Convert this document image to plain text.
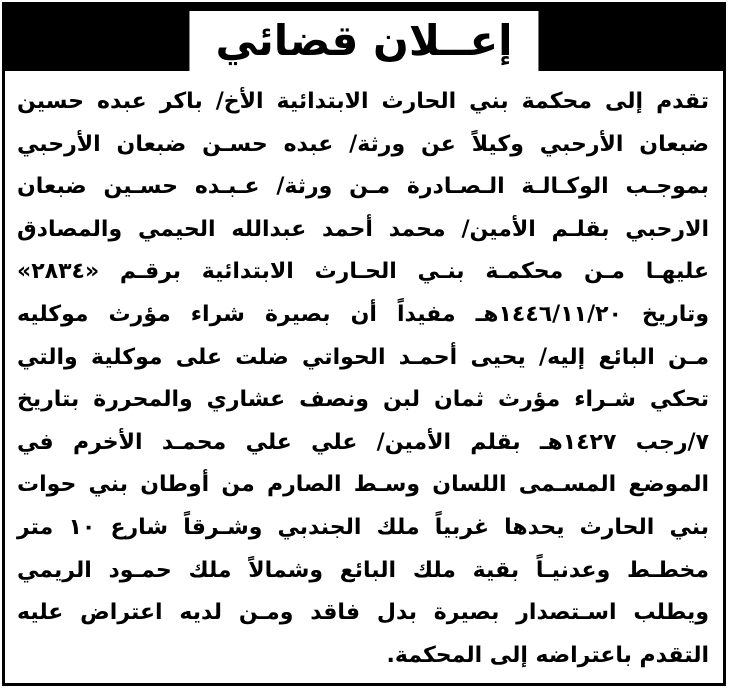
إعــلان قضائي
تقدم إلى محكمة بني الحارث الابتدائية الأخ/ باكر عبده حسين
ضبعان الأرحبي وكيلاً عن ورثة/ عبده حسـن ضبعان الأرحبي
بموجـب الوكـالـة الـصـادرة مـن ورثة/ عـبـده حسـين ضبعان
الارحبي بقلـم الأمين/ محمد أحمد عبدالله الحيمي والمصادق
عليهـا مـن محكمـة بنـي الحـارث الابتدائية برقـم «٢٨٣٤»
وتاريخ ١٤٤٦/١١/٢٠هـ مفيداً أن بصيرة شراء مؤرث موكليه
مـن البائع إليه/ يحيى أحمـد الحواتي ضلت على موكلية والتي
تحكي شـراء مؤرث ثمان لبن ونصف عشاري والمحررة بتاريخ
٧/رجب ١٤٢٧هـ بقلم الأمين/ علي علي محمـد الأخرم في
الموضع المسـمى اللسان وسـط الصارم من أوطان بني حوات
بني الحارث يحدها غربياً ملك الجندبي وشـرقاً شارع ١٠ متر
مخطـط وعدنيـاً بقية ملك البائع وشمالاً ملك حمـود الريمي
ويطلب اسـتصدار بصيرة بدل فاقد ومـن لديه اعتراض عليه
التقدم باعتراضه إلى المحكمة.
